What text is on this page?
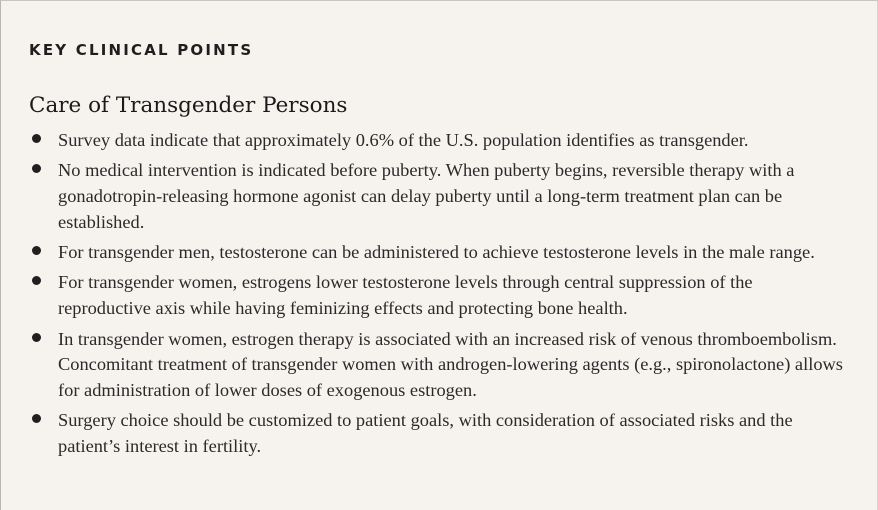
KEY CLINICAL POINTS
Care of Transgender Persons
Survey data indicate that approximately 0.6% of the U.S. population identifies as transgender.
No medical intervention is indicated before puberty. When puberty begins, reversible therapy with a gonadotropin-releasing hormone agonist can delay puberty until a long-term treatment plan can be established.
For transgender men, testosterone can be administered to achieve testosterone levels in the male range.
For transgender women, estrogens lower testosterone levels through central suppression of the reproductive axis while having feminizing effects and protecting bone health.
In transgender women, estrogen therapy is associated with an increased risk of venous thromboembolism. Concomitant treatment of transgender women with androgen-lowering agents (e.g., spironolactone) allows for administration of lower doses of exogenous estrogen.
Surgery choice should be customized to patient goals, with consideration of associated risks and the patient’s interest in fertility.
